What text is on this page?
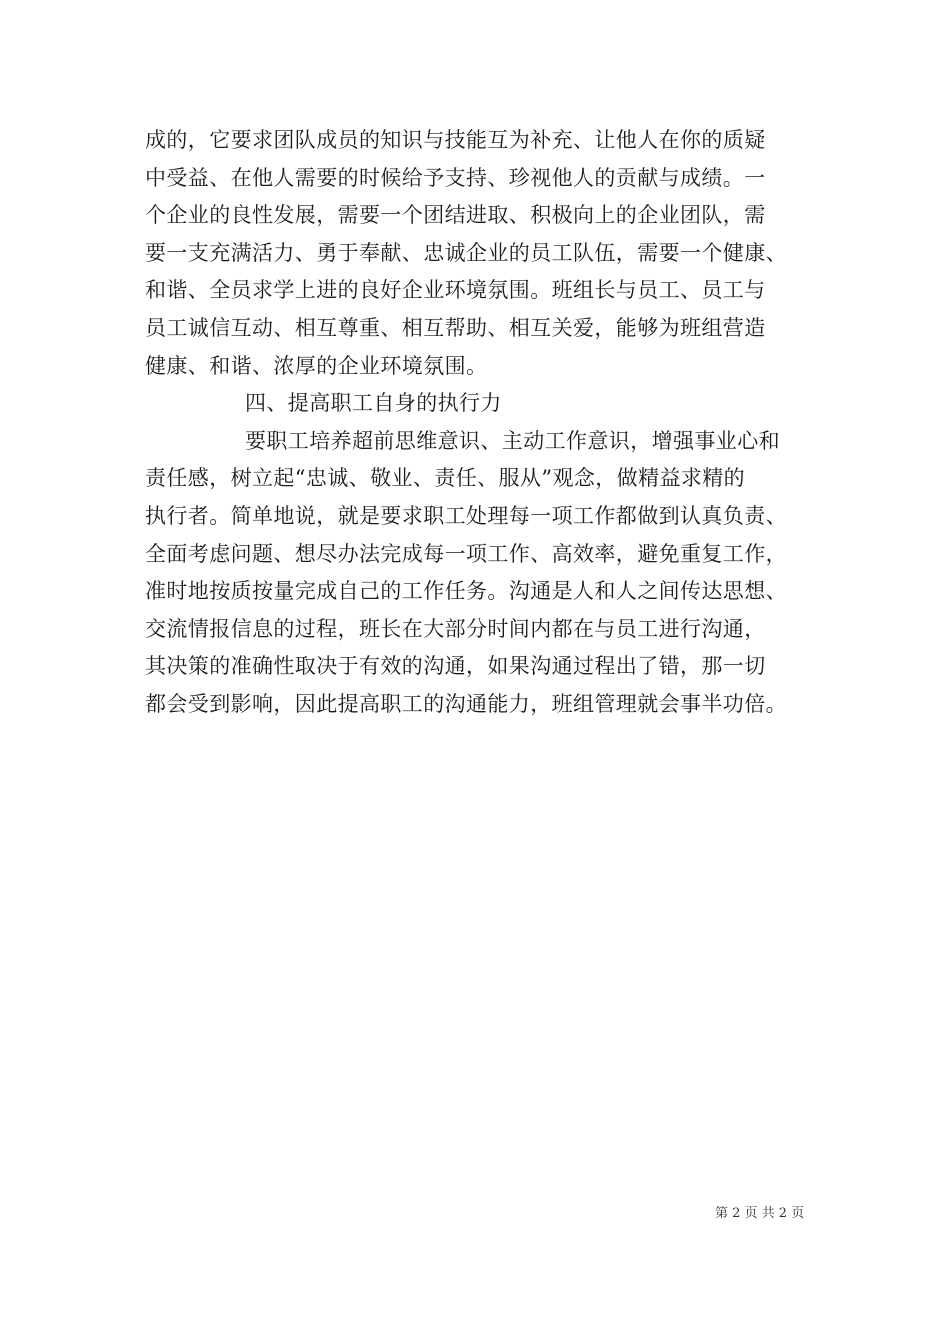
成的，它要求团队成员的知识与技能互为补充、让他人在你的质疑
中受益、在他人需要的时候给予支持、珍视他人的贡献与成绩。一
个企业的良性发展，需要一个团结进取、积极向上的企业团队，需
要一支充满活力、勇于奉献、忠诚企业的员工队伍，需要一个健康、
和谐、全员求学上进的良好企业环境氛围。班组长与员工、员工与
员工诚信互动、相互尊重、相互帮助、相互关爱，能够为班组营造
健康、和谐、浓厚的企业环境氛围。

四、提高职工自身的执行力

要职工培养超前思维意识、主动工作意识，增强事业心和
责任感，树立起“忠诚、敬业、责任、服从”观念，做精益求精的
执行者。简单地说，就是要求职工处理每一项工作都做到认真负责、
全面考虑问题、想尽办法完成每一项工作、高效率，避免重复工作，
准时地按质按量完成自己的工作任务。沟通是人和人之间传达思想、
交流情报信息的过程，班长在大部分时间内都在与员工进行沟通，
其决策的准确性取决于有效的沟通，如果沟通过程出了错，那一切
都会受到影响，因此提高职工的沟通能力，班组管理就会事半功倍。

第 2 页 共 2 页
